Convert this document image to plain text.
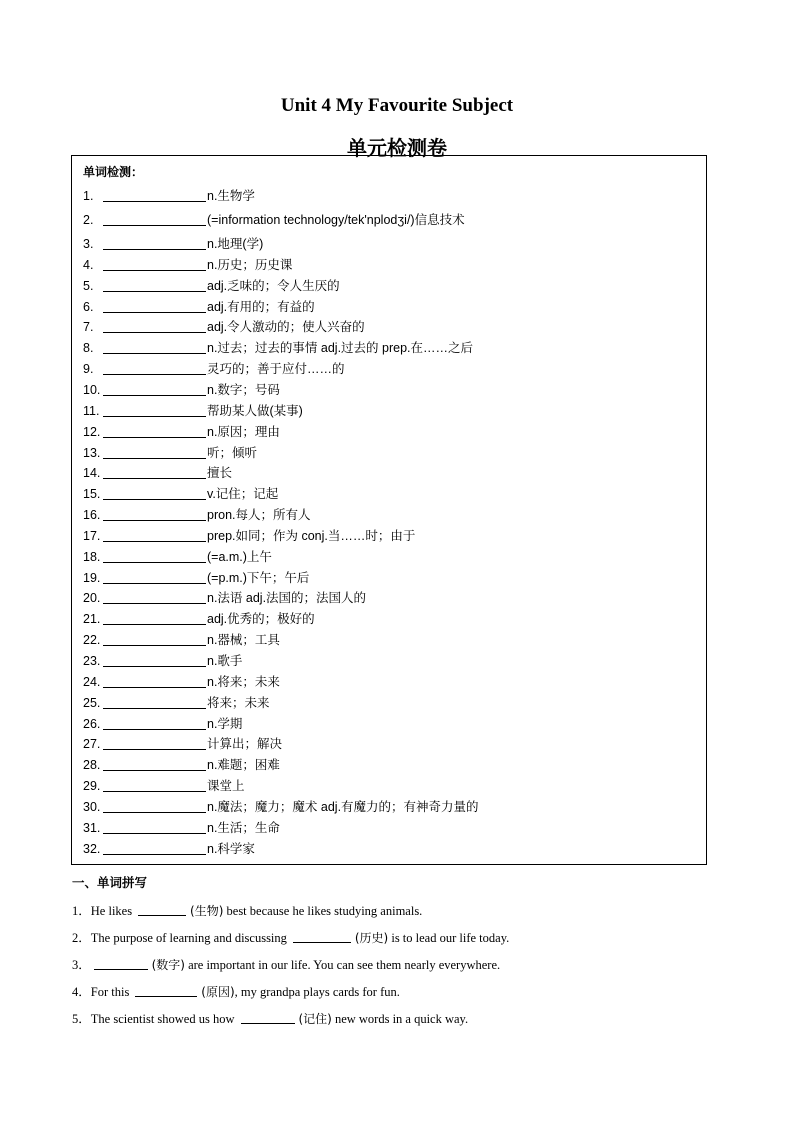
Unit 4 My Favourite Subject
单元检测卷
单词检测：
1.	n.生物学
2.	(=information technology/tek'nplodʒi/)信息技术
3.	n.地理(学)
4.	n.历史；历史课
5.	adj.乏味的；令人生厌的
6.	adj.有用的；有益的
7.	adj.令人激动的；使人兴奋的
8.	n.过去；过去的事情 adj.过去的 prep.在……之后
9.	灵巧的；善于应付……的
10.	n.数字；号码
11.	帮助某人做(某事)
12.	n.原因；理由
13.	听；倾听
14.	擅长
15.	v.记住；记起
16.	pron.每人；所有人
17.	prep.如同；作为 conj.当……时；由于
18.	(=a.m.)上午
19.	(=p.m.)下午；午后
20.	n.法语 adj.法国的；法国人的
21.	adj.优秀的；极好的
22.	n.器械；工具
23.	n.歌手
24.	n.将来；未来
25.	将来；未来
26.	n.学期
27.	计算出；解决
28.	n.难题；困难
29.	课堂上
30.	n.魔法；魔力；魔术 adj.有魔力的；有神奇力量的
31.	n.生活；生命
32.	n.科学家
一、单词拼写
1．He likes	(生物) best because he likes studying animals.
2．The purpose of learning and discussing	(历史) is to lead our life today.
3．	(数字) are important in our life. You can see them nearly everywhere.
4．For this	(原因), my grandpa plays cards for fun.
5．The scientist showed us how	(记住) new words in a quick way.
